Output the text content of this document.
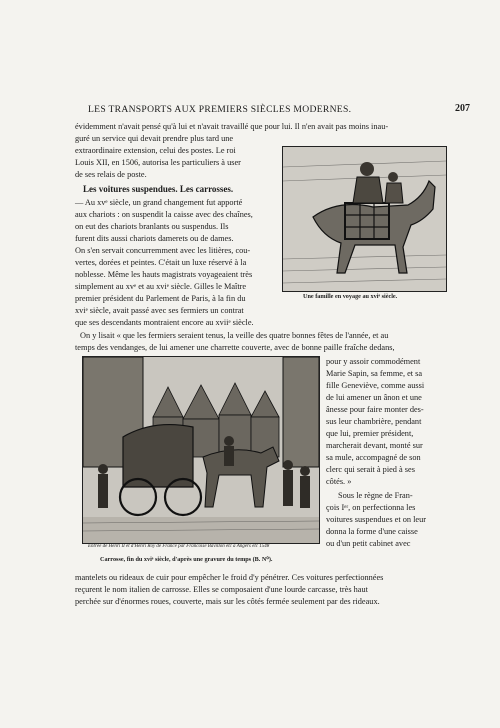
LES TRANSPORTS AUX PREMIERS SIÈCLES MODERNES.	207
évidemment n'avait pensé qu'à lui et n'avait travaillé que pour lui. Il n'en avait pas moins inau-
guré un service qui devait prendre plus tard une
extraordinaire extension, celui des postes. Le roi
Louis XII, en 1506, autorisa les particuliers à user
de ses relais de poste.
Les voitures suspendues. Les carrosses.
— Au xvᵉ siècle, un grand changement fut apporté
aux chariots : on suspendit la caisse avec des chaînes,
on eut des chariots branlants ou suspendus. Ils
furent dits aussi chariots damerets ou de dames.
On s'en servait concurremment avec les litières, cou-
vertes, dorées et peintes. C'était un luxe réservé à la
noblesse. Même les hauts magistrats voyageaient très
simplement au xvᵉ et au xviᵉ siècle. Gilles le Maître
premier président du Parlement de Paris, à la fin du
xviᵉ siècle, avait passé avec ses fermiers un contrat
que ses descendants montraient encore au xviiᵉ siècle.
Une famille en voyage au xviᵉ siècle.
On y lisait « que les fermiers seraient tenus, la veille des quatre bonnes fêtes de l'année, et au
temps des vendanges, de lui amener une charrette couverte, avec de bonne paille fraîche dedans,
Entrée de Henri II et d'Henri Roy de France par Francoise Bavillon etc à Angers etc 1548
Carrosse, fin du xviᵉ siècle, d'après une gravure du temps (B. N⁰).
pour y assoir commodément
Marie Sapin, sa femme, et sa
fille Geneviève, comme aussi
de lui amener un ânon et une
ânesse pour faire monter des-
sus leur chambrière, pendant
que lui, premier président,
marcherait devant, monté sur
sa mule, accompagné de son
clerc qui serait à pied à ses
côtés. »
Sous le règne de Fran-
çois Iᵉʳ, on perfectionna les
voitures suspendues et on leur
donna la forme d'une caisse
ou d'un petit cabinet avec
mantelets ou rideaux de cuir pour empêcher le froid d'y pénétrer. Ces voitures perfectionnées
reçurent le nom italien de carrosse. Elles se composaient d'une lourde carcasse, très haut
perchée sur d'énormes roues, couverte, mais sur les côtés fermée seulement par des rideaux.
